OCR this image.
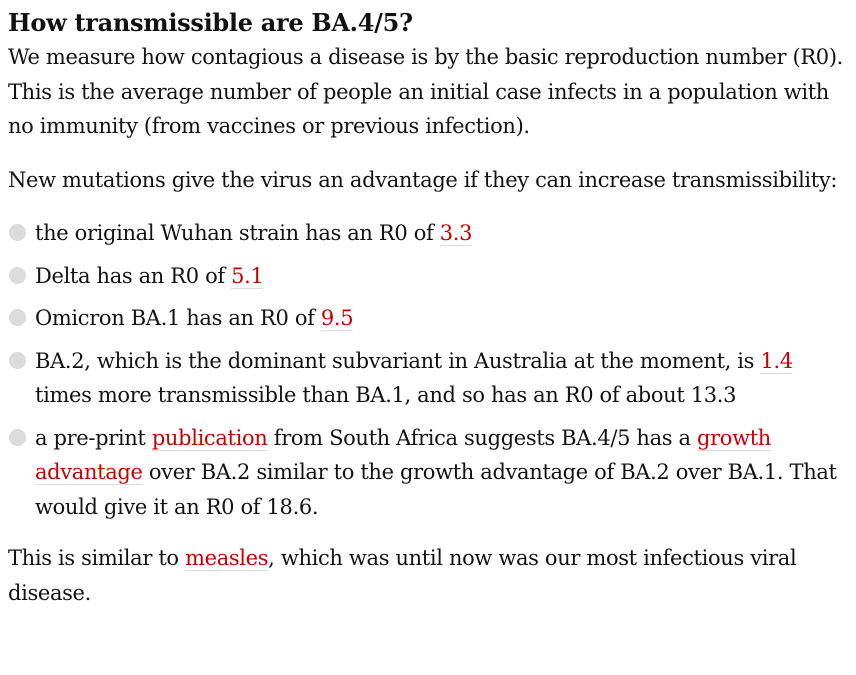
How transmissible are BA.4/5?

We measure how contagious a disease is by the basic reproduction number (R0). This is the average number of people an initial case infects in a population with no immunity (from vaccines or previous infection).

New mutations give the virus an advantage if they can increase transmissibility:

the original Wuhan strain has an R0 of 3.3
Delta has an R0 of 5.1
Omicron BA.1 has an R0 of 9.5
BA.2, which is the dominant subvariant in Australia at the moment, is 1.4 times more transmissible than BA.1, and so has an R0 of about 13.3
a pre-print publication from South Africa suggests BA.4/5 has a growth advantage over BA.2 similar to the growth advantage of BA.2 over BA.1. That would give it an R0 of 18.6.

This is similar to measles, which was until now was our most infectious viral disease.
